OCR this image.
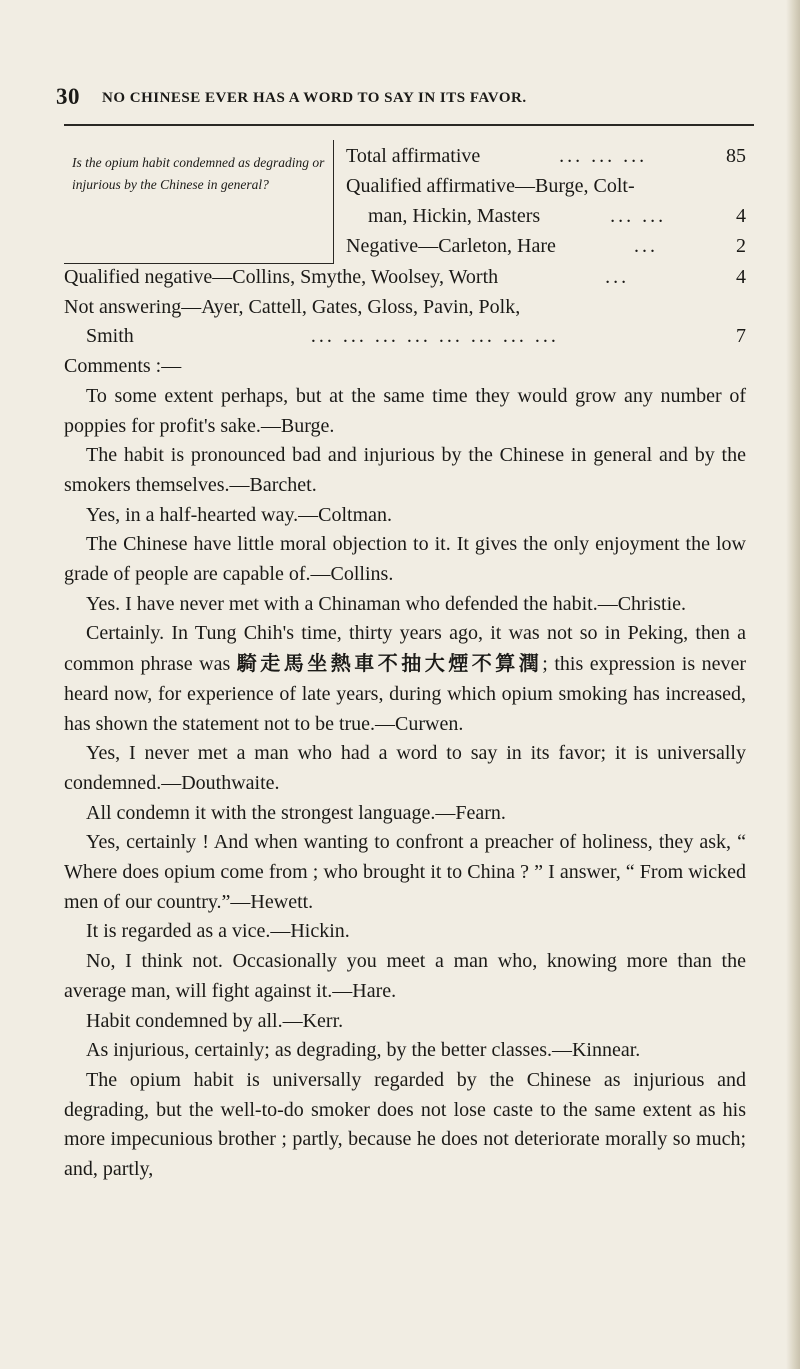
30 NO CHINESE EVER HAS A WORD TO SAY IN ITS FAVOR.
Is the opium habit condemned as degrading or injurious by the Chinese in general?
Total affirmative	... ... ...	85
Qualified affirmative—Burge, Colt-
man, Hickin, Masters	... ...	4
Negative—Carleton, Hare	...	2
Qualified negative—Collins, Smythe, Woolsey, Worth	...	4
Not answering—Ayer, Cattell, Gates, Gloss, Pavin, Polk,
Smith	... ... ... ... ... ... ... ...	7

Comments :—

To some extent perhaps, but at the same time they would grow any number of poppies for profit's sake.—Burge.

The habit is pronounced bad and injurious by the Chinese in general and by the smokers themselves.—Barchet.

Yes, in a half-hearted way.—Coltman.

The Chinese have little moral objection to it. It gives the only enjoyment the low grade of people are capable of.—Collins.

Yes. I have never met with a Chinaman who defended the habit.—Christie.

Certainly. In Tung Chih's time, thirty years ago, it was not so in Peking, then a common phrase was 騎走馬坐熱車不抽大煙不算潤; this expression is never heard now, for experience of late years, during which opium smoking has increased, has shown the statement not to be true.—Curwen.

Yes, I never met a man who had a word to say in its favor; it is universally condemned.—Douthwaite.

All condemn it with the strongest language.—Fearn.

Yes, certainly ! And when wanting to confront a preacher of holiness, they ask, “ Where does opium come from ; who brought it to China ? ” I answer, “ From wicked men of our country.”—Hewett.

It is regarded as a vice.—Hickin.

No, I think not. Occasionally you meet a man who, knowing more than the average man, will fight against it.—Hare.

Habit condemned by all.—Kerr.

As injurious, certainly; as degrading, by the better classes.—Kinnear.

The opium habit is universally regarded by the Chinese as injurious and degrading, but the well-to-do smoker does not lose caste to the same extent as his more impecunious brother ; partly, because he does not deteriorate morally so much; and, partly,
